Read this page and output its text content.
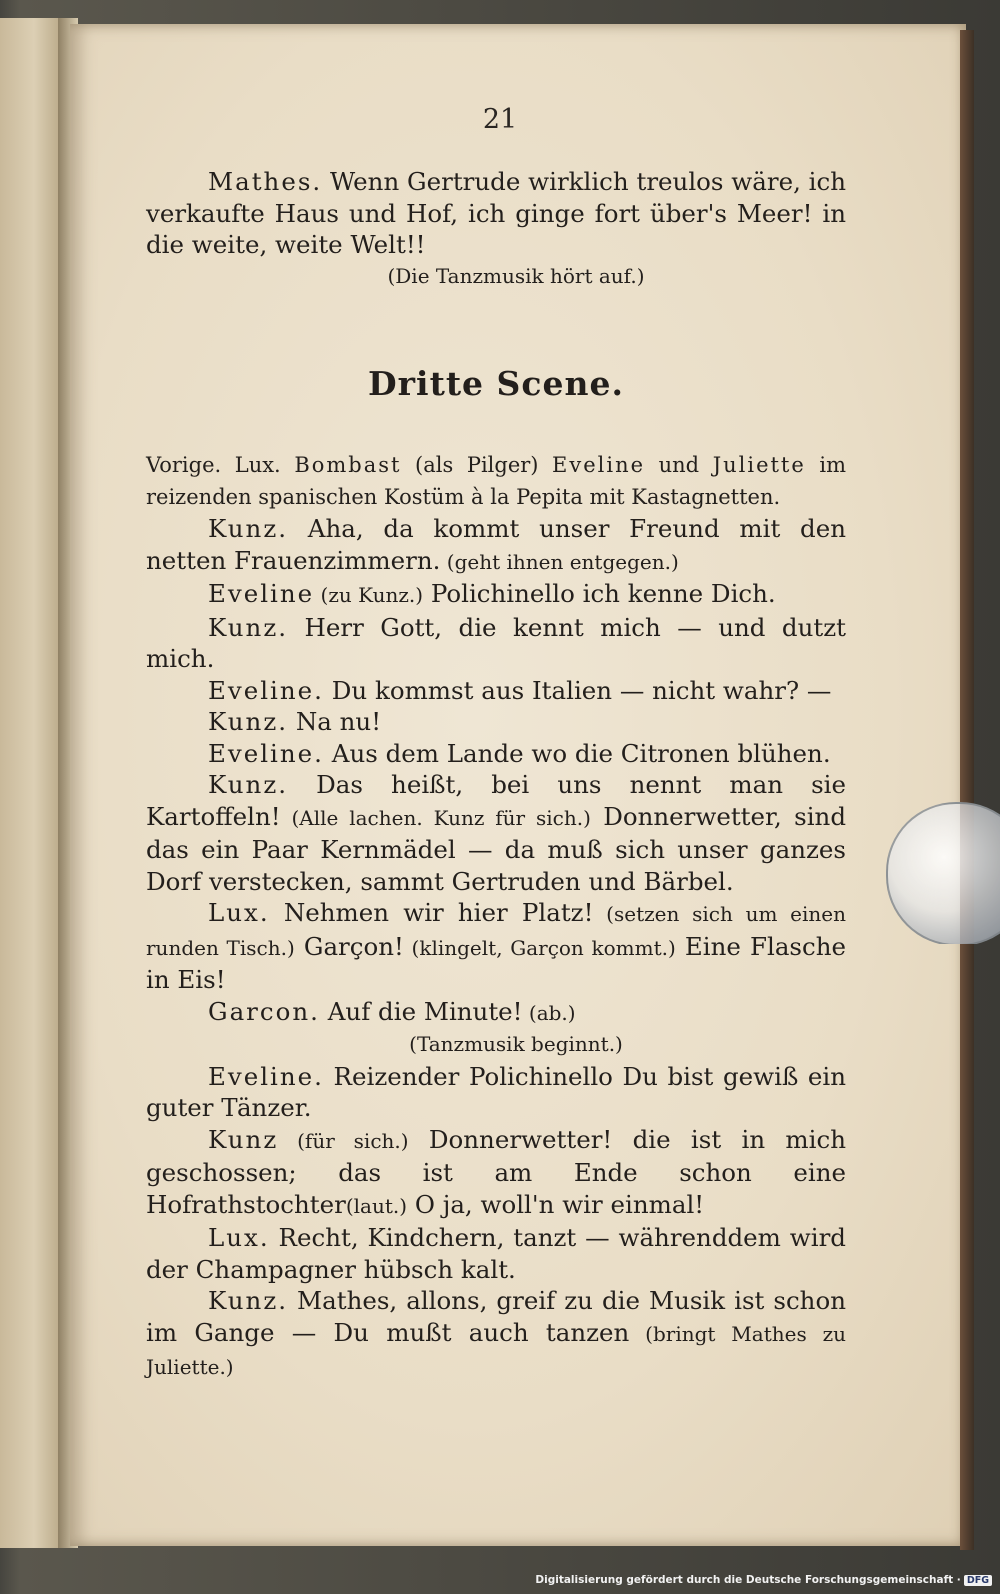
21

Mathes. Wenn Gertrude wirklich treulos wäre, ich verkaufte Haus und Hof, ich ginge fort über's Meer! in die weite, weite Welt!!

(Die Tanzmusik hört auf.)

Dritte Scene.

Vorige. Lux. Bombast (als Pilger) Eveline und Juliette im reizenden spanischen Kostüm à la Pepita mit Kastagnetten.

Kunz. Aha, da kommt unser Freund mit den netten Frauenzimmern. (geht ihnen entgegen.)

Eveline (zu Kunz.) Polichinello ich kenne Dich.

Kunz. Herr Gott, die kennt mich — und dutzt mich.

Eveline. Du kommst aus Italien — nicht wahr? —

Kunz. Na nu!

Eveline. Aus dem Lande wo die Citronen blühen.

Kunz. Das heißt, bei uns nennt man sie Kartoffeln! (Alle lachen. Kunz für sich.) Donnerwetter, sind das ein Paar Kernmädel — da muß sich unser ganzes Dorf verstecken, sammt Gertruden und Bärbel.

Lux. Nehmen wir hier Platz! (setzen sich um einen runden Tisch.) Garçon! (klingelt, Garçon kommt.) Eine Flasche in Eis!

Garcon. Auf die Minute! (ab.)

(Tanzmusik beginnt.)

Eveline. Reizender Polichinello Du bist gewiß ein guter Tänzer.

Kunz (für sich.) Donnerwetter! die ist in mich geschossen; das ist am Ende schon eine Hofrathstochter(laut.) O ja, woll'n wir einmal!

Lux. Recht, Kindchern, tanzt — währenddem wird der Champagner hübsch kalt.

Kunz. Mathes, allons, greif zu die Musik ist schon im Gange — Du mußt auch tanzen (bringt Mathes zu Juliette.)

Digitalisierung gefördert durch die Deutsche Forschungsgemeinschaft · DFG
